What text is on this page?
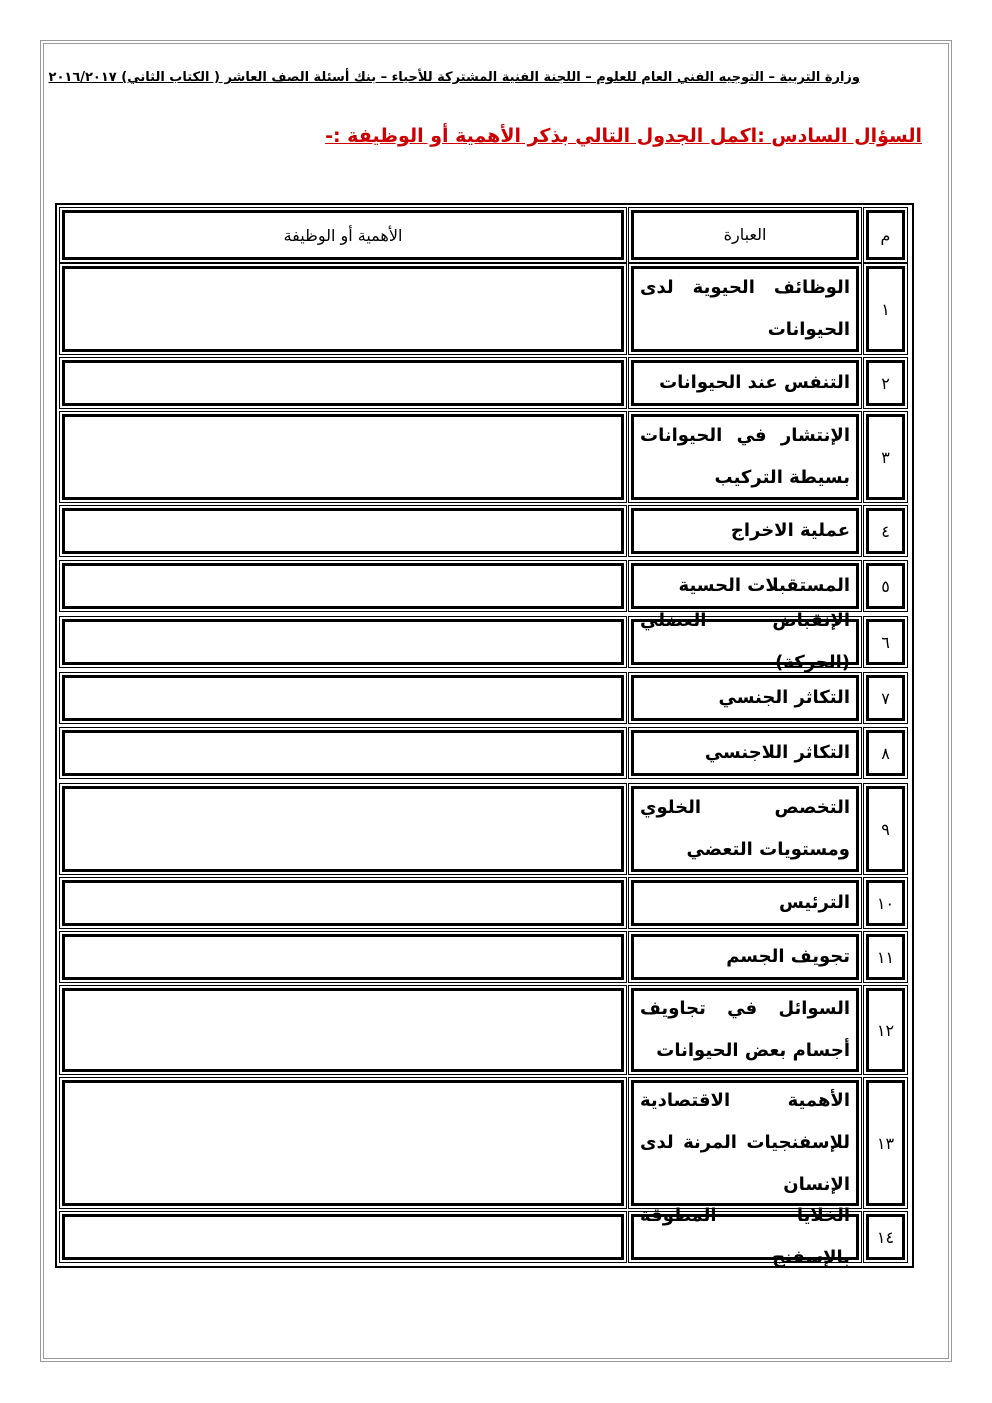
وزارة التربية – التوجيه الفني العام للعلوم – اللجنة الفنية المشتركة للأحياء – بنك أسئلة الصف العاشر ( الكتاب الثاني) ٢٠١٦/٢٠١٧
السؤال السادس :اكمل الجدول التالي بذكر الأهمية أو الوظيفة :-
م
العبارة
الأهمية أو الوظيفة
١
الوظائف الحيوية لدى الحيوانات
٢
التنفس عند الحيوانات
٣
الإنتشار في الحيوانات بسيطة التركيب
٤
عملية الاخراج
٥
المستقبلات الحسية
٦
الإنقباض العضلي (الحركة)
٧
التكاثر الجنسي
٨
التكاثر اللاجنسي
٩
التخصص الخلوي ومستويات التعضي
١٠
الترئيس
١١
تجويف الجسم
١٢
السوائل في تجاويف أجسام بعض الحيوانات
١٣
الأهمية الاقتصادية للإسفنجيات المرنة لدى الإنسان
١٤
الخلايا المطوقة بالإسفنج
